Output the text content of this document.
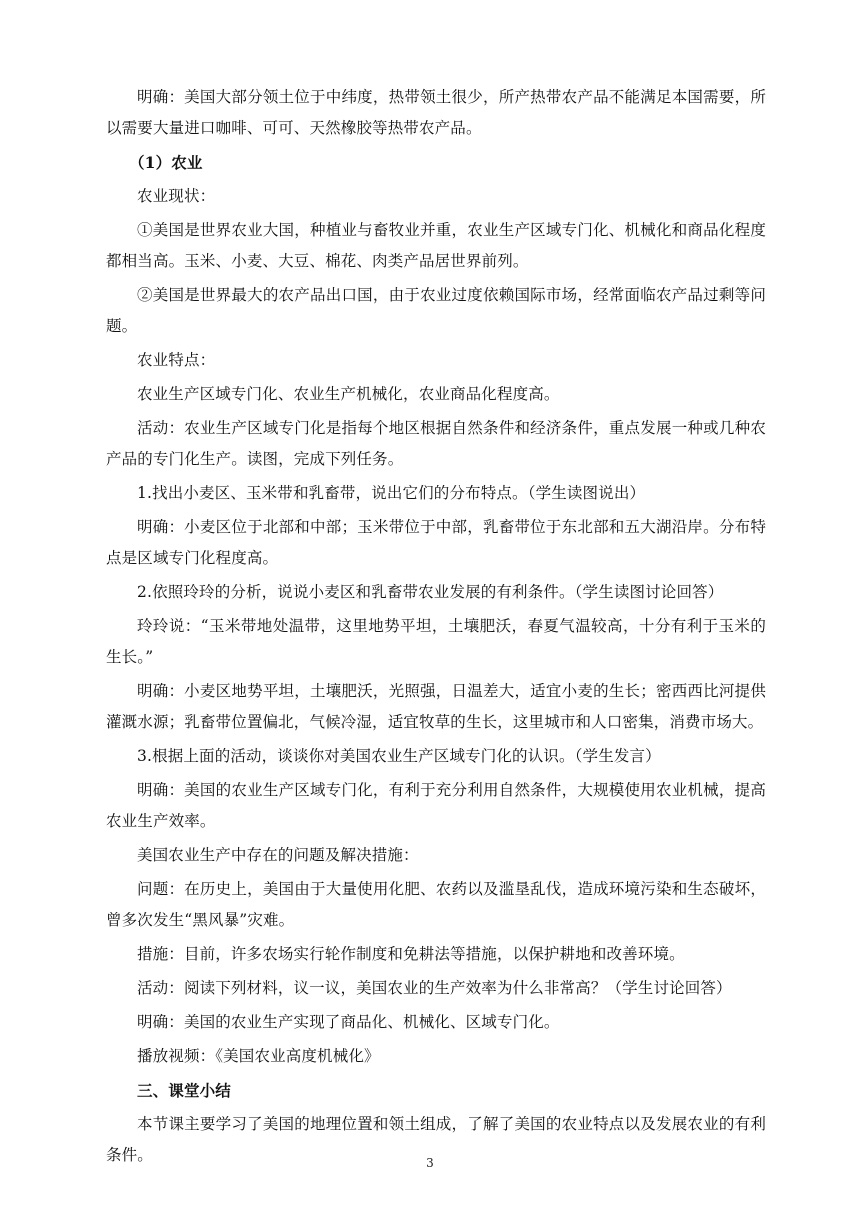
明确：美国大部分领土位于中纬度，热带领土很少，所产热带农产品不能满足本国需要，所以需要大量进口咖啡、可可、天然橡胶等热带农产品。

（1）农业

农业现状：

①美国是世界农业大国，种植业与畜牧业并重，农业生产区域专门化、机械化和商品化程度都相当高。玉米、小麦、大豆、棉花、肉类产品居世界前列。

②美国是世界最大的农产品出口国，由于农业过度依赖国际市场，经常面临农产品过剩等问题。

农业特点：

农业生产区域专门化、农业生产机械化，农业商品化程度高。

活动：农业生产区域专门化是指每个地区根据自然条件和经济条件，重点发展一种或几种农产品的专门化生产。读图，完成下列任务。

1.找出小麦区、玉米带和乳畜带，说出它们的分布特点。（学生读图说出）

明确：小麦区位于北部和中部；玉米带位于中部，乳畜带位于东北部和五大湖沿岸。分布特点是区域专门化程度高。

2.依照玲玲的分析，说说小麦区和乳畜带农业发展的有利条件。（学生读图讨论回答）

玲玲说：“玉米带地处温带，这里地势平坦，土壤肥沃，春夏气温较高，十分有利于玉米的生长。”

明确：小麦区地势平坦，土壤肥沃，光照强，日温差大，适宜小麦的生长；密西西比河提供灌溉水源；乳畜带位置偏北，气候冷湿，适宜牧草的生长，这里城市和人口密集，消费市场大。

3.根据上面的活动，谈谈你对美国农业生产区域专门化的认识。（学生发言）

明确：美国的农业生产区域专门化，有利于充分利用自然条件，大规模使用农业机械，提高农业生产效率。

美国农业生产中存在的问题及解决措施：

问题：在历史上，美国由于大量使用化肥、农药以及滥垦乱伐，造成环境污染和生态破坏，曾多次发生“黑风暴”灾难。

措施：目前，许多农场实行轮作制度和免耕法等措施，以保护耕地和改善环境。

活动：阅读下列材料，议一议，美国农业的生产效率为什么非常高？（学生讨论回答）

明确：美国的农业生产实现了商品化、机械化、区域专门化。

播放视频：《美国农业高度机械化》

三、课堂小结

本节课主要学习了美国的地理位置和领土组成，了解了美国的农业特点以及发展农业的有利条件。	3
